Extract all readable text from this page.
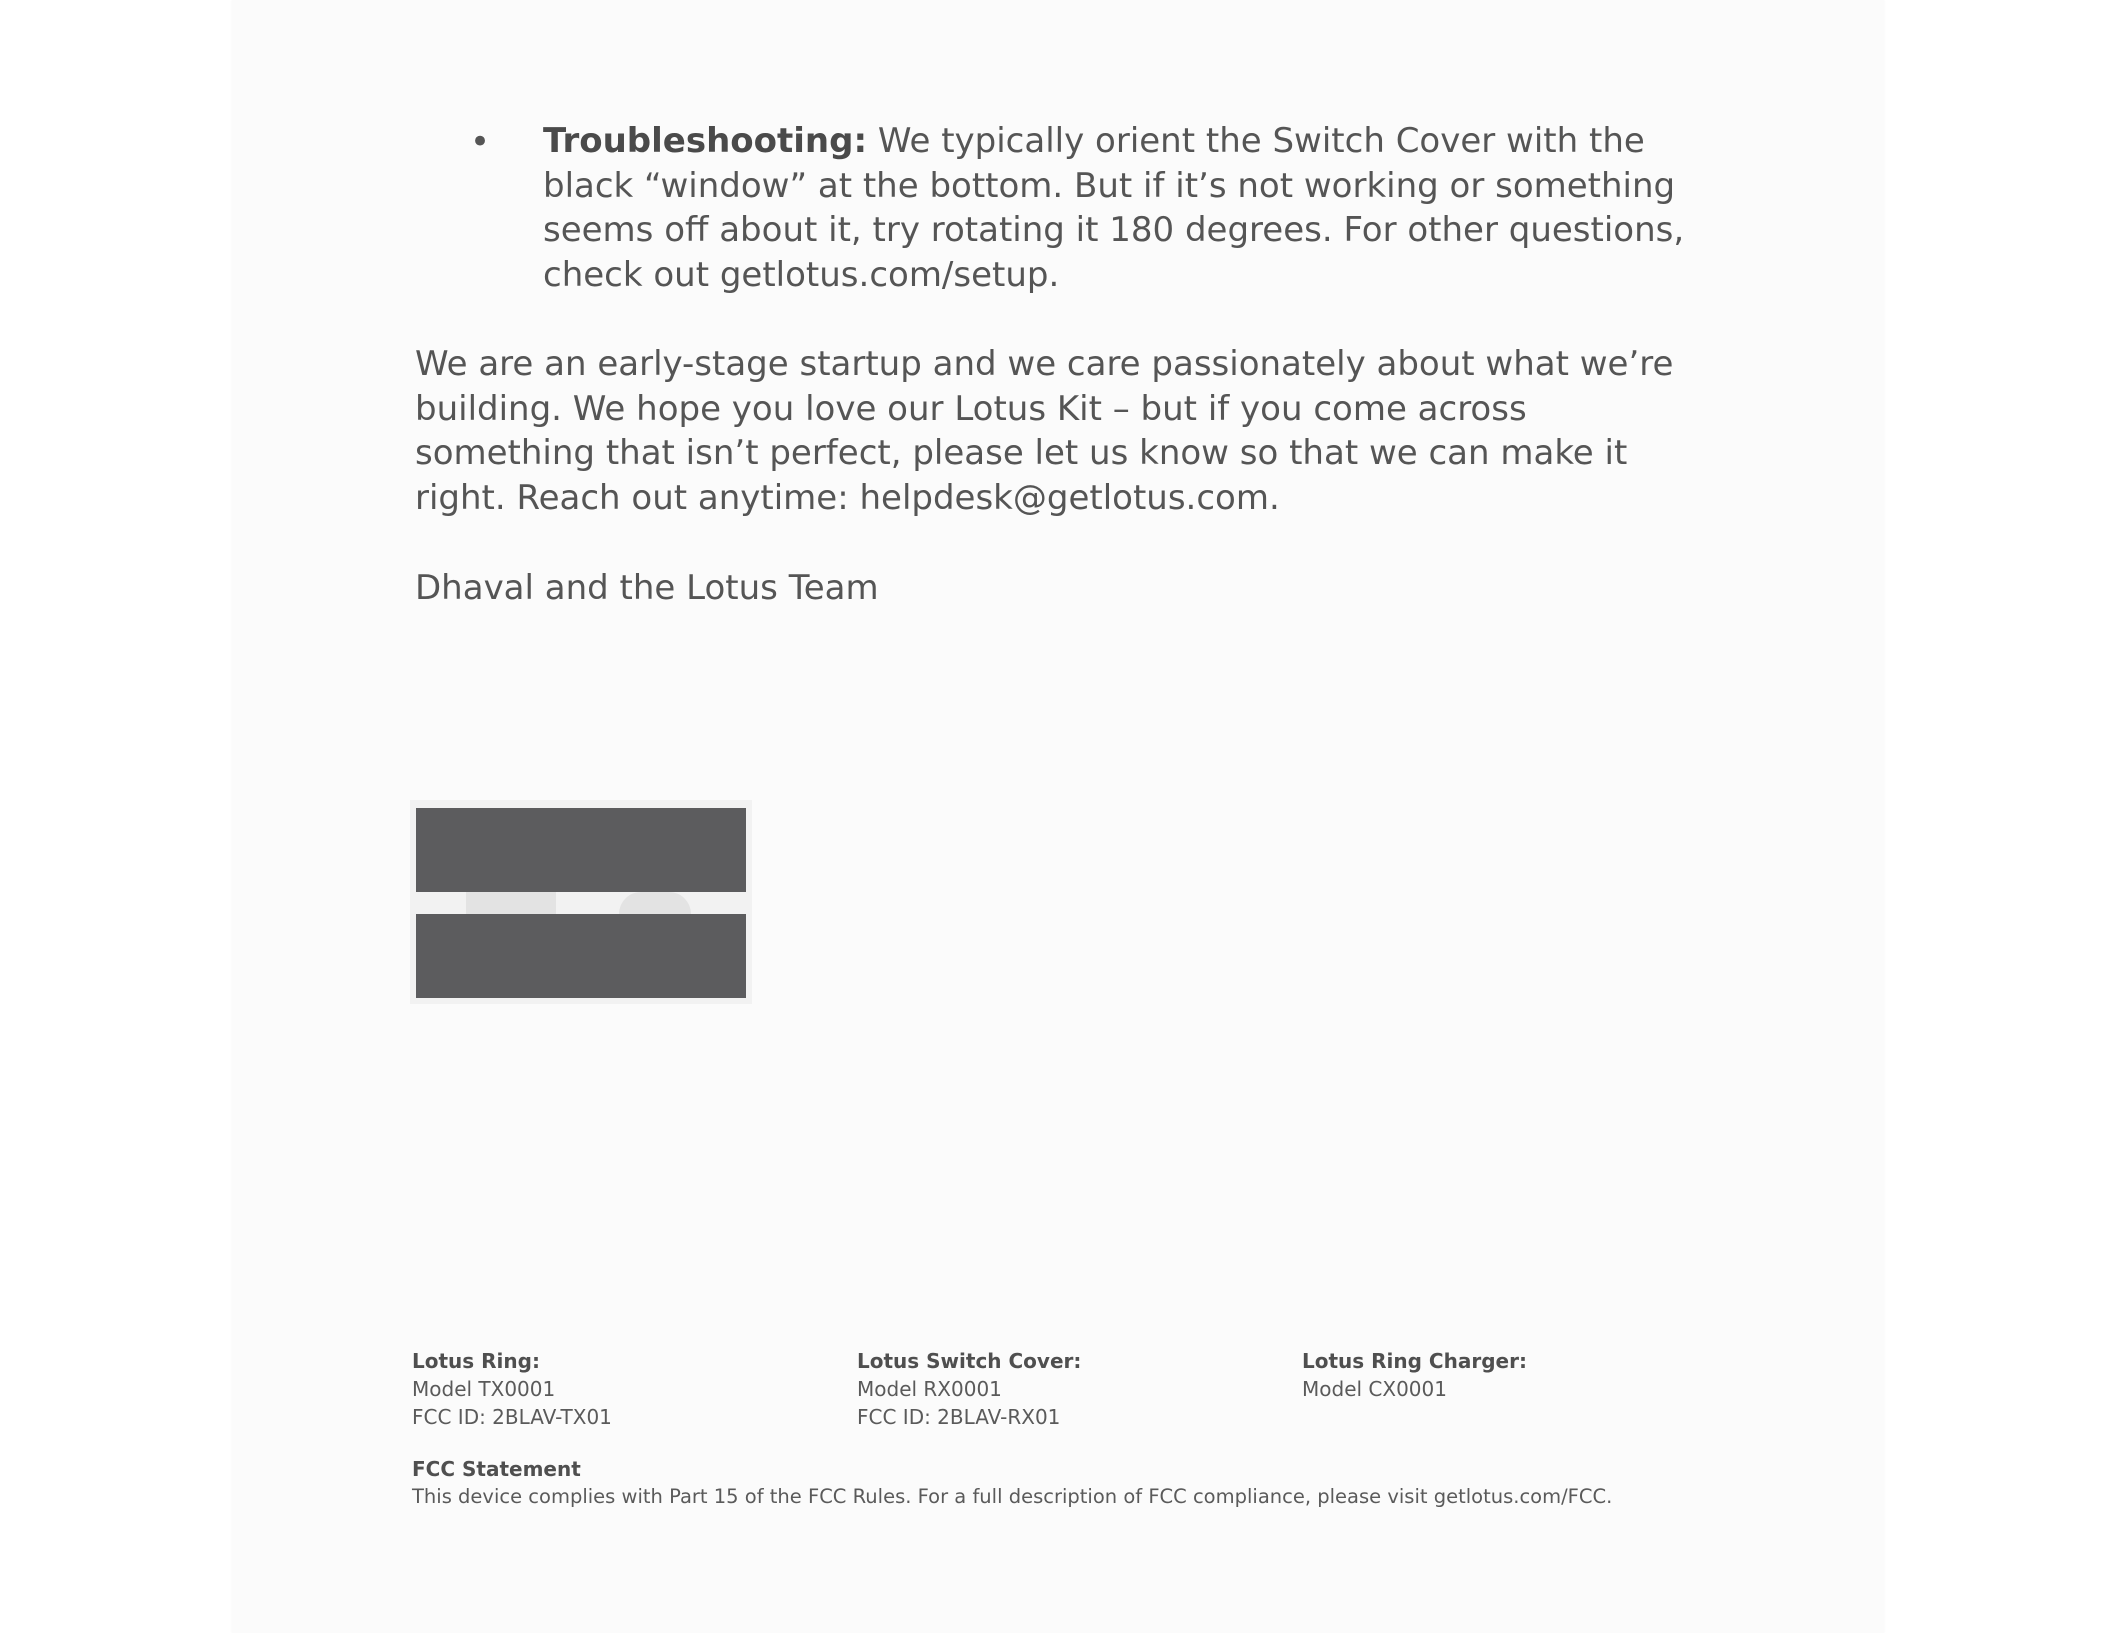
• Troubleshooting: We typically orient the Switch Cover with the black “window” at the bottom. But if it’s not working or something seems off about it, try rotating it 180 degrees. For other questions, check out getlotus.com/setup.
We are an early-stage startup and we care passionately about what we’re building. We hope you love our Lotus Kit – but if you come across something that isn’t perfect, please let us know so that we can make it right. Reach out anytime: helpdesk@getlotus.com.
Dhaval and the Lotus Team
Lotus Ring:
Model TX0001
FCC ID: 2BLAV-TX01
Lotus Switch Cover:
Model RX0001
FCC ID: 2BLAV-RX01
Lotus Ring Charger:
Model CX0001
FCC Statement
This device complies with Part 15 of the FCC Rules. For a full description of FCC compliance, please visit getlotus.com/FCC.
